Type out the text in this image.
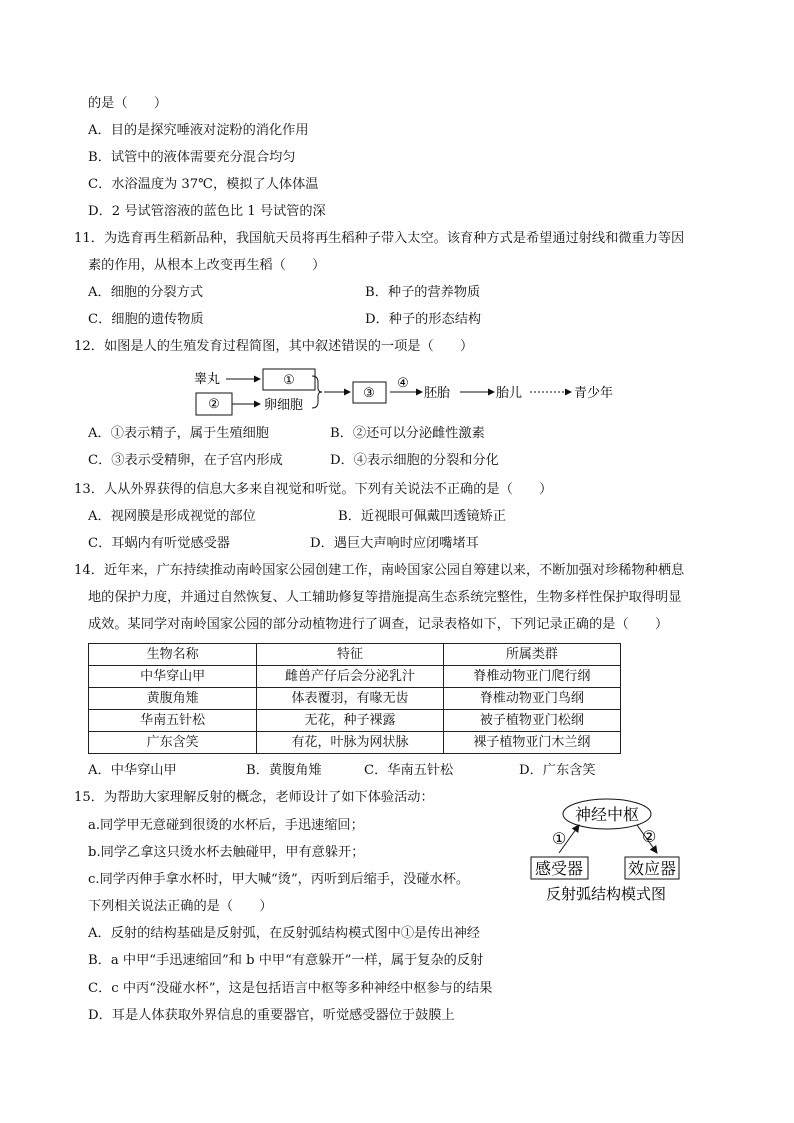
的是（　　）
A．目的是探究唾液对淀粉的消化作用
B．试管中的液体需要充分混合均匀
C．水浴温度为 37℃，模拟了人体体温
D．2 号试管溶液的蓝色比 1 号试管的深
11．为选育再生稻新品种，我国航天员将再生稻种子带入太空。该育种方式是希望通过射线和微重力等因
素的作用，从根本上改变再生稻（　　）
A．细胞的分裂方式	B．种子的营养物质
C．细胞的遗传物质	D．种子的形态结构
12．如图是人的生殖发育过程简图，其中叙述错误的一项是（　　）
睾丸	①
②	卵细胞
③
④
胚胎	胎儿	青少年
A．①表示精子，属于生殖细胞	B．②还可以分泌雌性激素
C．③表示受精卵，在子宫内形成	D．④表示细胞的分裂和分化
13．人从外界获得的信息大多来自视觉和听觉。下列有关说法不正确的是（　　）
A．视网膜是形成视觉的部位	B．近视眼可佩戴凹透镜矫正
C．耳蜗内有听觉感受器	D．遇巨大声响时应闭嘴堵耳
14．近年来，广东持续推动南岭国家公园创建工作，南岭国家公园自筹建以来，不断加强对珍稀物种栖息
地的保护力度，并通过自然恢复、人工辅助修复等措施提高生态系统完整性，生物多样性保护取得明显
成效。某同学对南岭国家公园的部分动植物进行了调查，记录表格如下，下列记录正确的是（　　）
生物名称	特征	所属类群
中华穿山甲	雌兽产仔后会分泌乳汁	脊椎动物亚门爬行纲
黄腹角雉	体表覆羽，有喙无齿	脊椎动物亚门鸟纲
华南五针松	无花，种子裸露	被子植物亚门松纲
广东含笑	有花，叶脉为网状脉	裸子植物亚门木兰纲
A．中华穿山甲	B．黄腹角雉	C．华南五针松	D．广东含笑
15．为帮助大家理解反射的概念，老师设计了如下体验活动：
a.同学甲无意碰到很烫的水杯后，手迅速缩回；
b.同学乙拿这只烫水杯去触碰甲，甲有意躲开；
c.同学丙伸手拿水杯时，甲大喊“烫”，丙听到后缩手，没碰水杯。
下列相关说法正确的是（　　）
神经中枢
①	②
感受器	效应器
反射弧结构模式图
A．反射的结构基础是反射弧，在反射弧结构模式图中①是传出神经
B．a 中甲“手迅速缩回”和 b 中甲“有意躲开”一样，属于复杂的反射
C．c 中丙“没碰水杯”，这是包括语言中枢等多种神经中枢参与的结果
D．耳是人体获取外界信息的重要器官，听觉感受器位于鼓膜上
